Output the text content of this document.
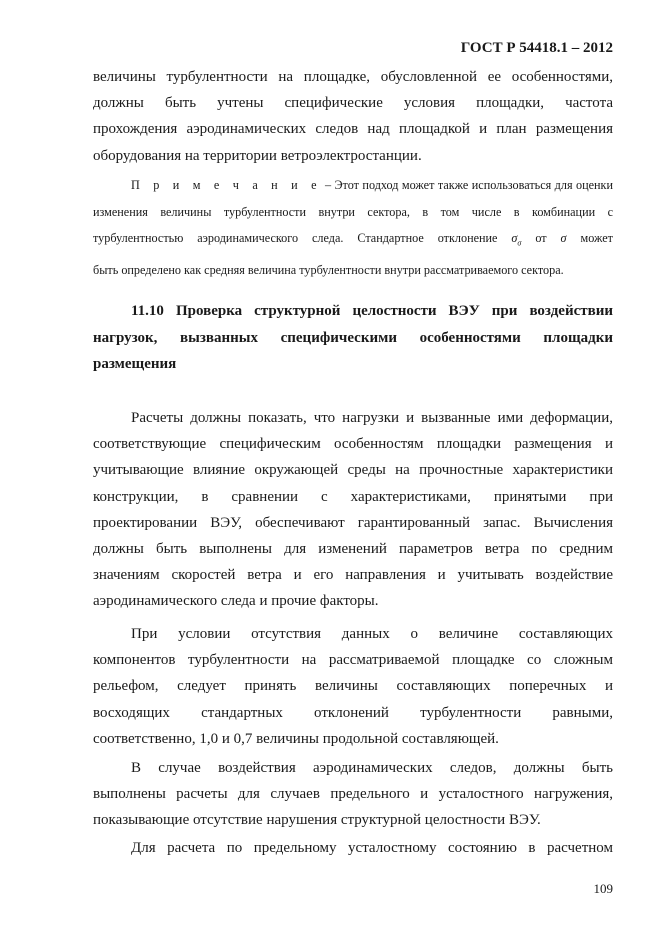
ГОСТ Р 54418.1 – 2012
величины турбулентности на площадке, обусловленной ее особенностями,
должны быть учтены специфические условия площадки, частота
прохождения аэродинамических следов над площадкой и план размещения
оборудования на территории ветроэлектростанции.
П р и м е ч а н и е – Этот подход может также использоваться для оценки
изменения величины турбулентности внутри сектора, в том числе в комбинации с
турбулентностью аэродинамического следа. Стандартное отклонение $\sigma_\sigma$ от σ может
быть определено как средняя величина турбулентности внутри рассматриваемого сектора.
11.10 Проверка структурной целостности ВЭУ при воздействии
нагрузок, вызванных специфическими особенностями площадки
размещения
Расчеты должны показать, что нагрузки и вызванные ими деформации,
соответствующие специфическим особенностям площадки размещения и
учитывающие влияние окружающей среды на прочностные характеристики
конструкции, в сравнении с характеристиками, принятыми при
проектировании ВЭУ, обеспечивают гарантированный запас. Вычисления
должны быть выполнены для изменений параметров ветра по средним
значениям скоростей ветра и его направления и учитывать воздействие
аэродинамического следа и прочие факторы.
При условии отсутствия данных о величине составляющих
компонентов турбулентности на рассматриваемой площадке со сложным
рельефом, следует принять величины составляющих поперечных и
восходящих стандартных отклонений турбулентности равными,
соответственно, 1,0 и 0,7 величины продольной составляющей.
В случае воздействия аэродинамических следов, должны быть
выполнены расчеты для случаев предельного и усталостного нагружения,
показывающие отсутствие нарушения структурной целостности ВЭУ.
Для расчета по предельному усталостному состоянию в расчетном
109
